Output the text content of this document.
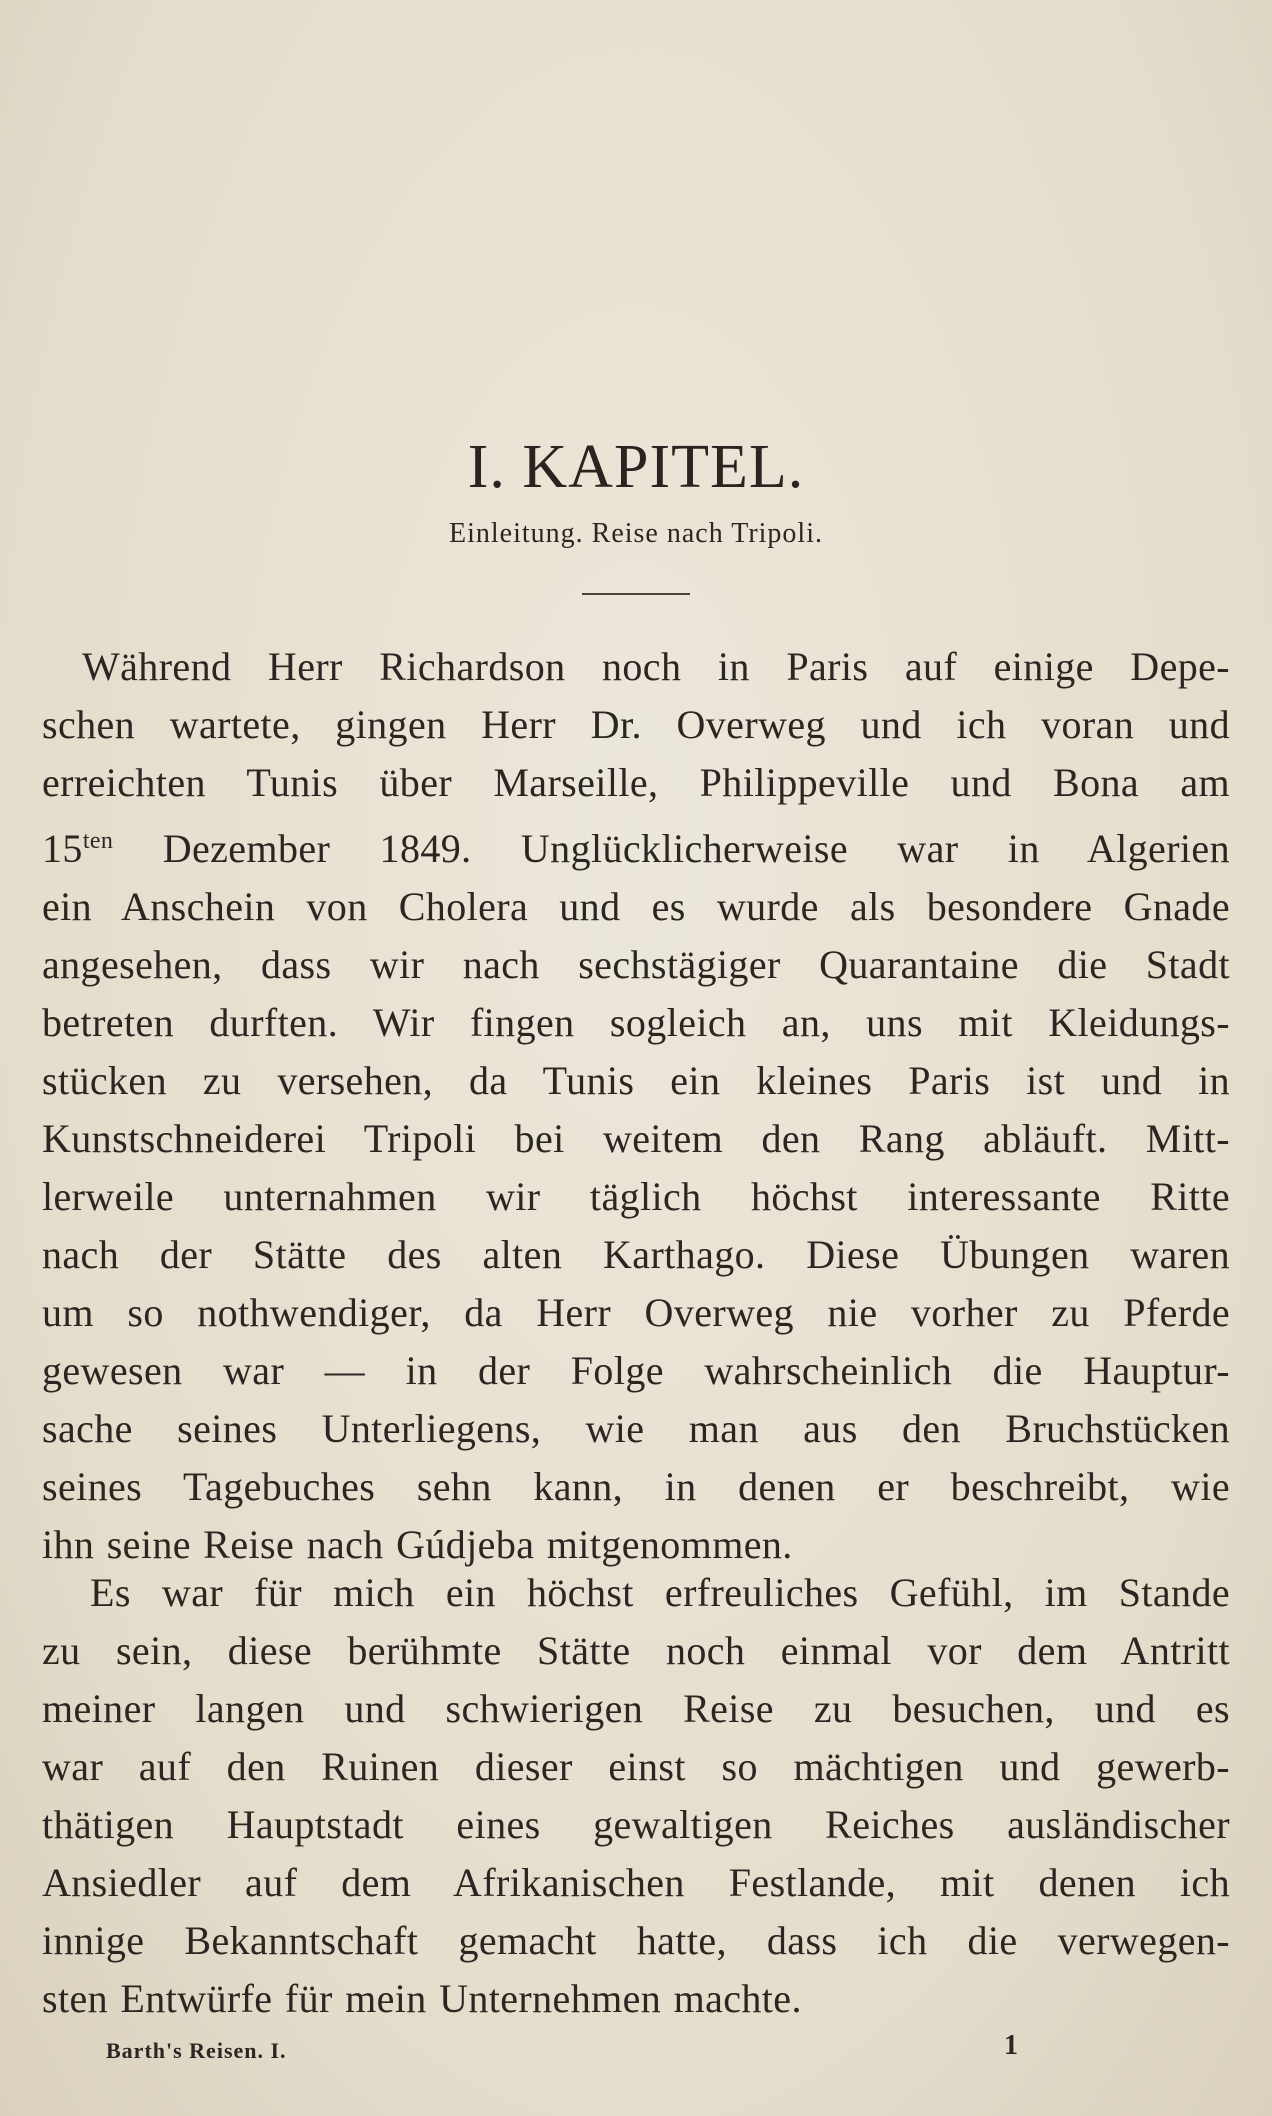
I. KAPITEL.
Einleitung. Reise nach Tripoli.
Während Herr Richardson noch in Paris auf einige Depe-
schen wartete, gingen Herr Dr. Overweg und ich voran und
erreichten Tunis über Marseille, Philippeville und Bona am
$15^{ten}$ Dezember 1849. Unglücklicherweise war in Algerien
ein Anschein von Cholera und es wurde als besondere Gnade
angesehen, dass wir nach sechstägiger Quarantaine die Stadt
betreten durften. Wir fingen sogleich an, uns mit Kleidungs-
stücken zu versehen, da Tunis ein kleines Paris ist und in
Kunstschneiderei Tripoli bei weitem den Rang abläuft. Mitt-
lerweile unternahmen wir täglich höchst interessante Ritte
nach der Stätte des alten Karthago. Diese Übungen waren
um so nothwendiger, da Herr Overweg nie vorher zu Pferde
gewesen war — in der Folge wahrscheinlich die Hauptur-
sache seines Unterliegens, wie man aus den Bruchstücken
seines Tagebuches sehn kann, in denen er beschreibt, wie
ihn seine Reise nach Gúdjeba mitgenommen.
Es war für mich ein höchst erfreuliches Gefühl, im Stande
zu sein, diese berühmte Stätte noch einmal vor dem Antritt
meiner langen und schwierigen Reise zu besuchen, und es
war auf den Ruinen dieser einst so mächtigen und gewerb-
thätigen Hauptstadt eines gewaltigen Reiches ausländischer
Ansiedler auf dem Afrikanischen Festlande, mit denen ich
innige Bekanntschaft gemacht hatte, dass ich die verwegen-
sten Entwürfe für mein Unternehmen machte.
Barth's Reisen. I.	1
